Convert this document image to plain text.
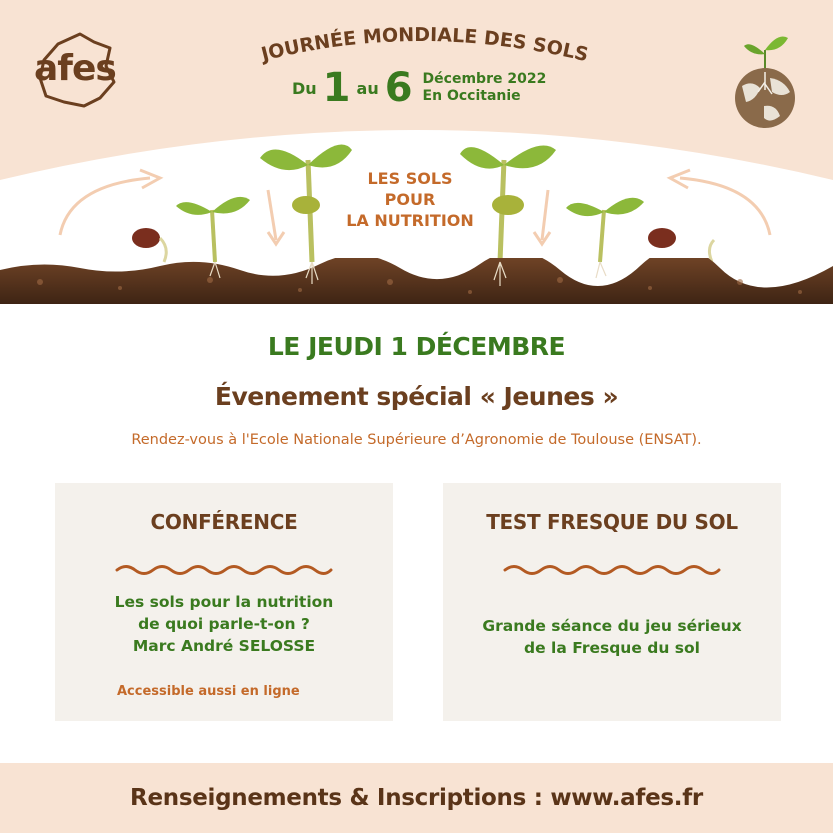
afes	JOURNÉE MONDIALE DES SOLS
Du 1 au 6 Décembre 2022
En Occitanie
LES SOLS
POUR
LA NUTRITION
LE JEUDI 1 DÉCEMBRE
Évenement spécial « Jeunes »
Rendez-vous à l'Ecole Nationale Supérieure d’Agronomie de Toulouse (ENSAT).
CONFÉRENCE
Les sols pour la nutrition
de quoi parle-t-on ?
Marc André SELOSSE
Accessible aussi en ligne
TEST FRESQUE DU SOL
Grande séance du jeu sérieux
de la Fresque du sol
Renseignements & Inscriptions : www.afes.fr
